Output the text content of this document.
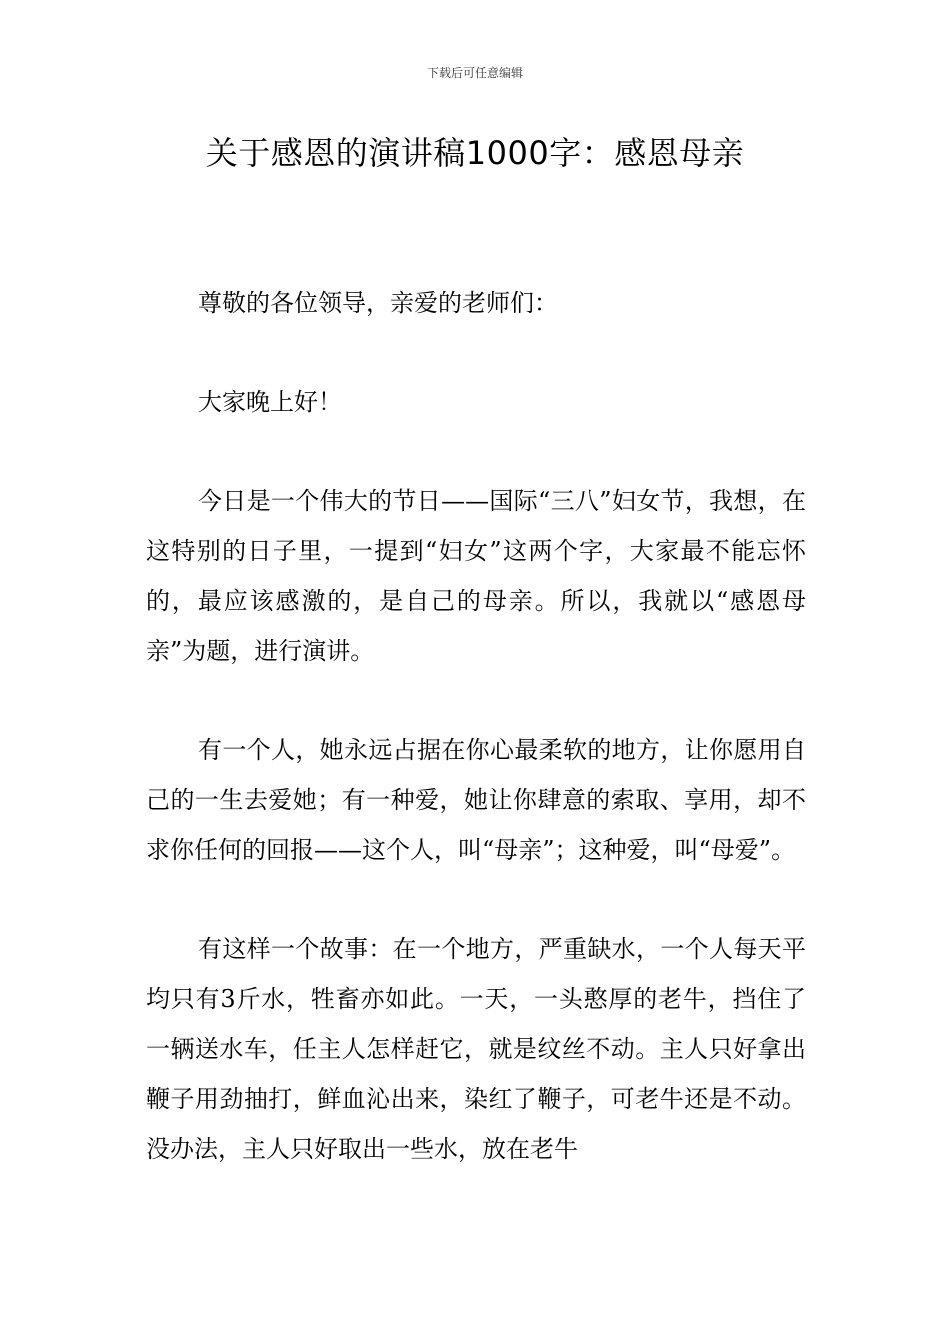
下载后可任意编辑
关于感恩的演讲稿1000字：感恩母亲

尊敬的各位领导，亲爱的老师们：

大家晚上好！

今日是一个伟大的节日——国际“三八”妇女节，我想，在这特别的日子里，一提到“妇女”这两个字，大家最不能忘怀的，最应该感激的，是自己的母亲。所以，我就以“感恩母亲”为题，进行演讲。

有一个人，她永远占据在你心最柔软的地方，让你愿用自己的一生去爱她；有一种爱，她让你肆意的索取、享用，却不求你任何的回报——这个人，叫“母亲”；这种爱，叫“母爱”。

有这样一个故事：在一个地方，严重缺水，一个人每天平均只有3斤水，牲畜亦如此。一天，一头憨厚的老牛，挡住了一辆送水车，任主人怎样赶它，就是纹丝不动。主人只好拿出鞭子用劲抽打，鲜血沁出来，染红了鞭子，可老牛还是不动。没办法，主人只好取出一些水，放在老牛
